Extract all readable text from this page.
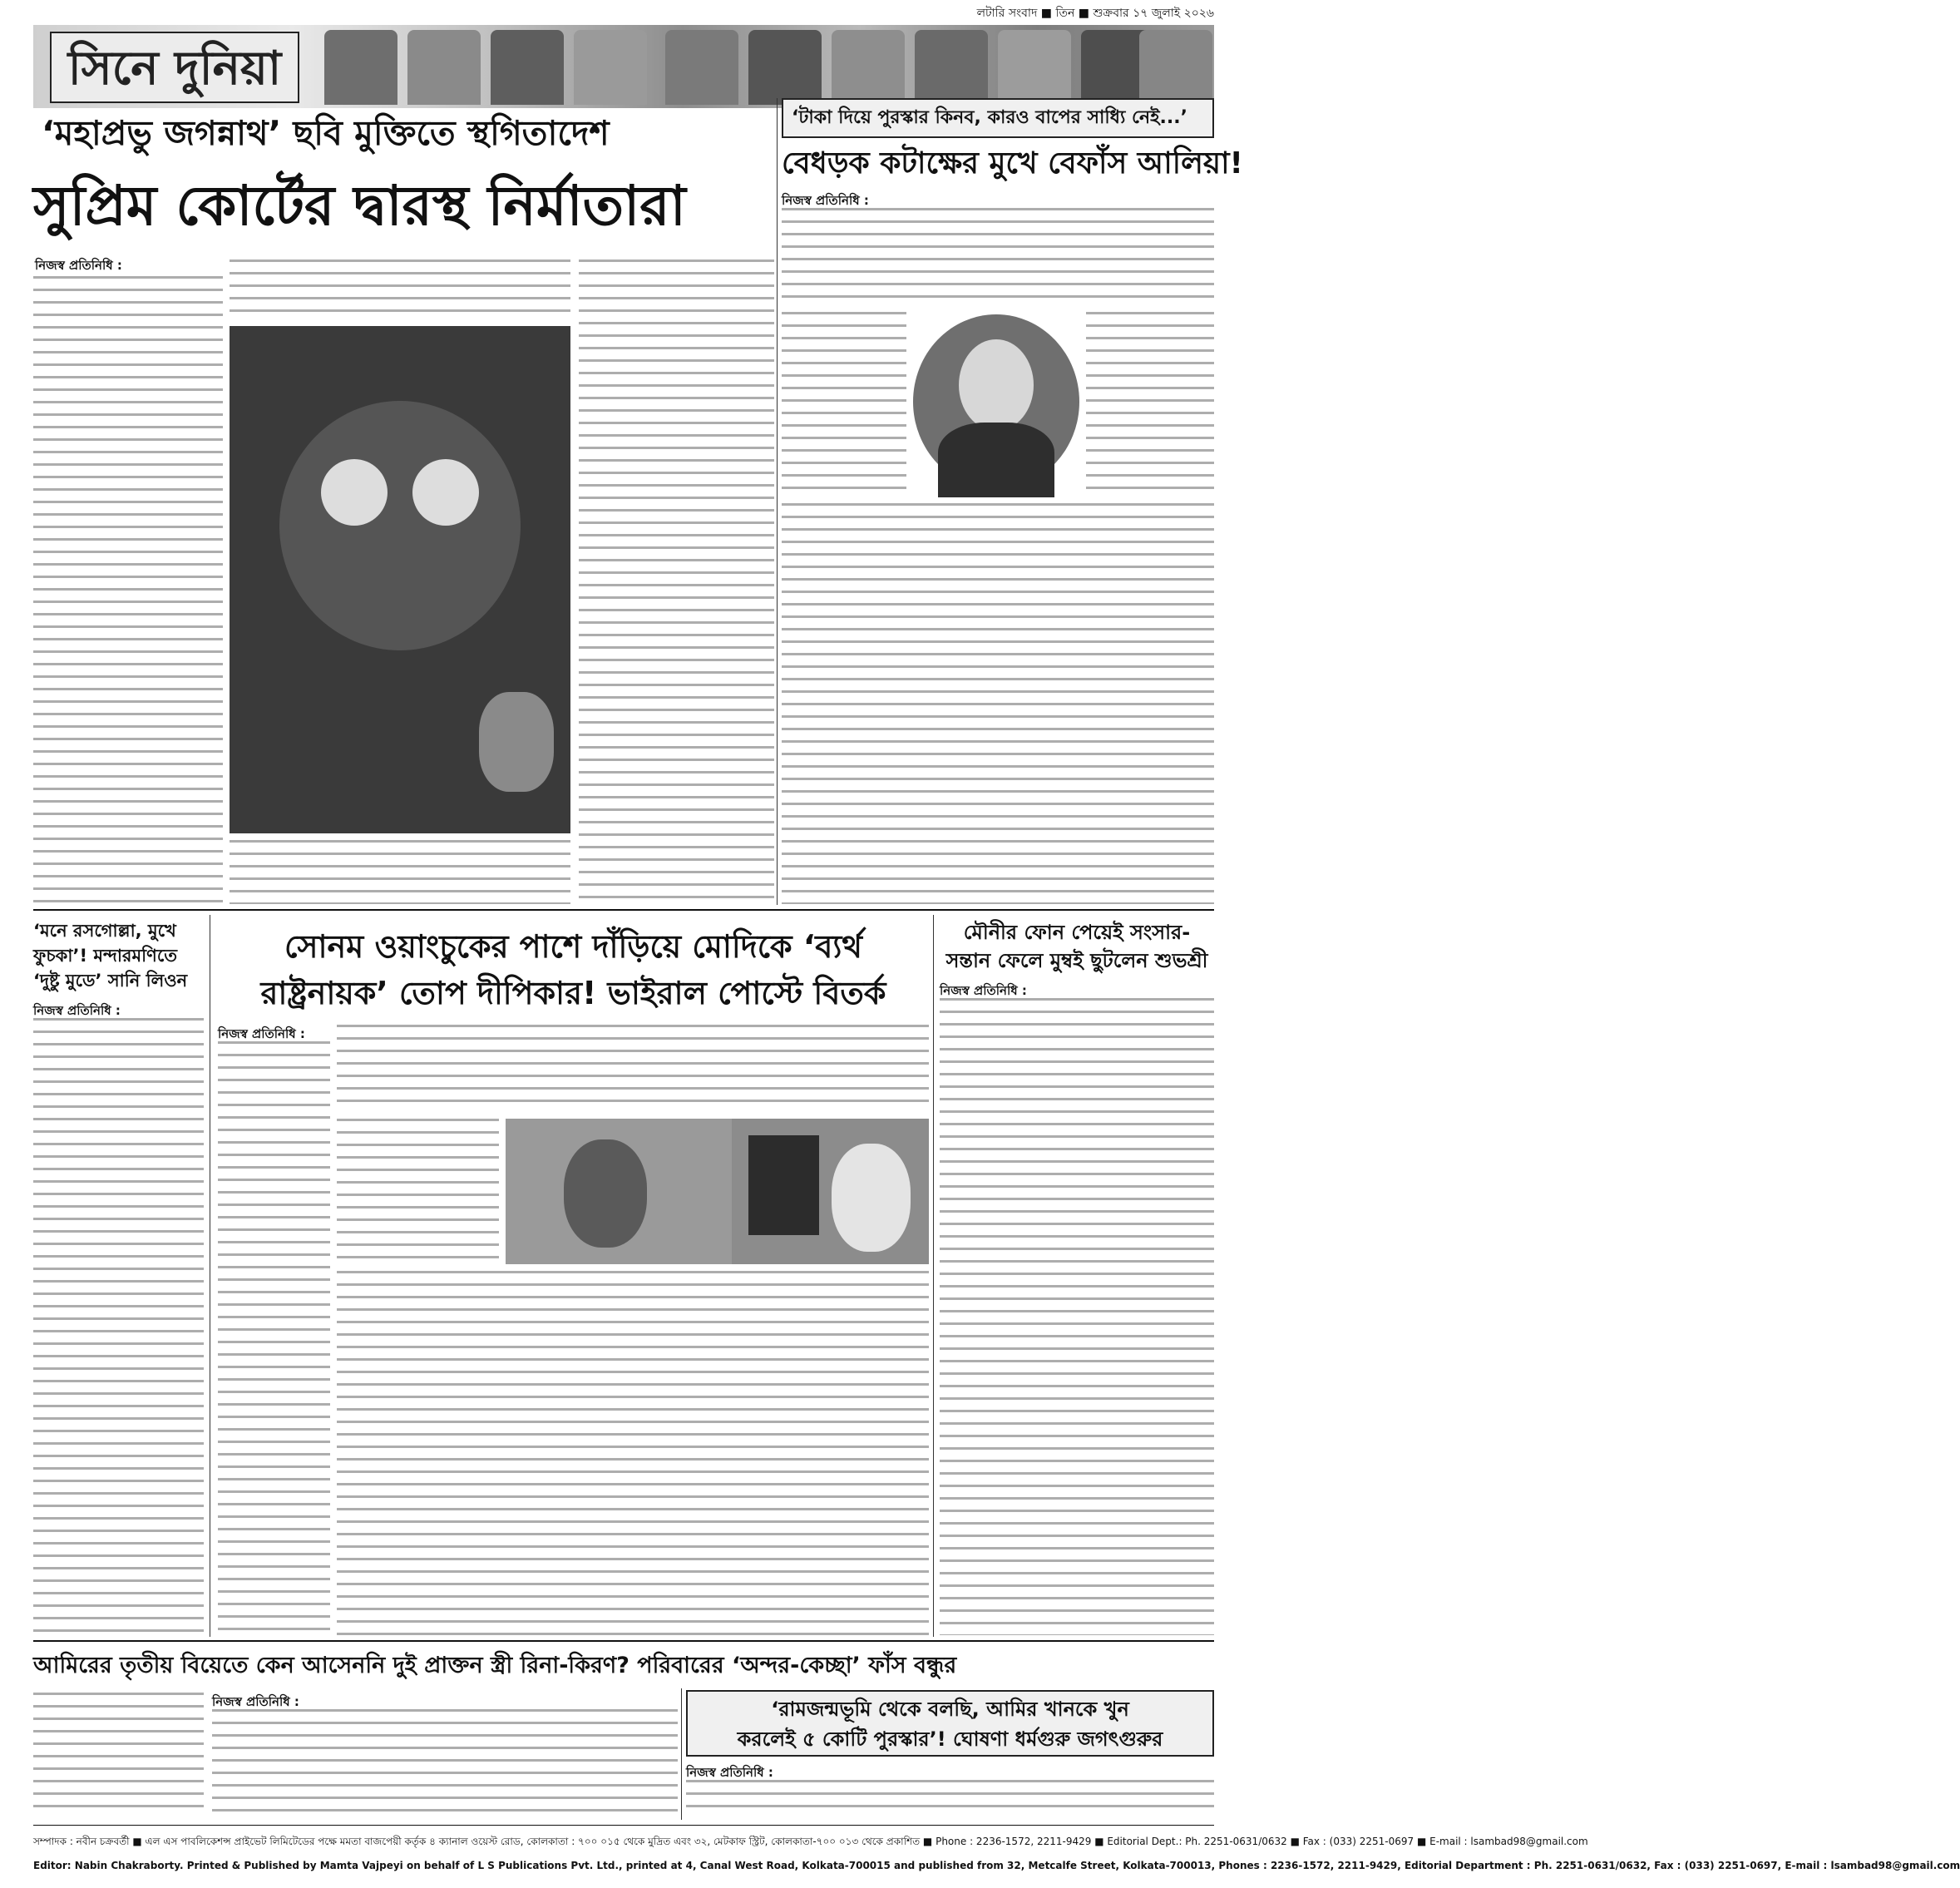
লটারি সংবাদ ■ তিন ■ শুক্রবার ১৭ জুলাই ২০২৬
সিনে দুনিয়া
‘মহাপ্রভু জগন্নাথ’ ছবি মুক্তিতে স্থগিতাদেশ
সুপ্রিম কোর্টের দ্বারস্থ নির্মাতারা
নিজস্ব প্রতিনিধি :
‘টাকা দিয়ে পুরস্কার কিনব, কারও বাপের সাধ্যি নেই...’
বেধড়ক কটাক্ষের মুখে বেফাঁস আলিয়া!
নিজস্ব প্রতিনিধি :
‘মনে রসগোল্লা, মুখে
ফুচকা’! মন্দারমণিতে
‘দুষ্টু মুডে’ সানি লিওন
নিজস্ব প্রতিনিধি :
সোনম ওয়াংচুকের পাশে দাঁড়িয়ে মোদিকে ‘ব্যর্থ
রাষ্ট্রনায়ক’ তোপ দীপিকার! ভাইরাল পোস্টে বিতর্ক
নিজস্ব প্রতিনিধি :
মৌনীর ফোন পেয়েই সংসার-
সন্তান ফেলে মুম্বই ছুটলেন শুভশ্রী
নিজস্ব প্রতিনিধি :
আমিরের তৃতীয় বিয়েতে কেন আসেননি দুই প্রাক্তন স্ত্রী রিনা-কিরণ? পরিবারের ‘অন্দর-কেচ্ছা’ ফাঁস বন্ধুর
নিজস্ব প্রতিনিধি :	‘রামজন্মভূমি থেকে বলছি, আমির খানকে খুন
করলেই ৫ কোটি পুরস্কার’! ঘোষণা ধর্মগুরু জগৎগুরুর
নিজস্ব প্রতিনিধি :
সম্পাদক : নবীন চক্রবর্তী ■ এল এস পাবলিকেশন্স প্রাইভেট লিমিটেডের পক্ষে মমতা বাজপেয়ী কর্তৃক ৪ ক্যানাল ওয়েস্ট রোড, কোলকাতা : ৭০০ ০১৫ থেকে মুদ্রিত এবং ৩২, মেটকাফ স্ট্রিট, কোলকাতা-৭০০ ০১৩ থেকে প্রকাশিত ■ Phone : 2236-1572, 2211-9429 ■ Editorial Dept.: Ph. 2251-0631/0632 ■ Fax : (033) 2251-0697 ■ E-mail : lsambad98@gmail.com
Editor: Nabin Chakraborty. Printed & Published by Mamta Vajpeyi on behalf of L S Publications Pvt. Ltd., printed at 4, Canal West Road, Kolkata-700015 and published from 32, Metcalfe Street, Kolkata-700013, Phones : 2236-1572, 2211-9429, Editorial Department : Ph. 2251-0631/0632, Fax : (033) 2251-0697, E-mail : lsambad98@gmail.com
